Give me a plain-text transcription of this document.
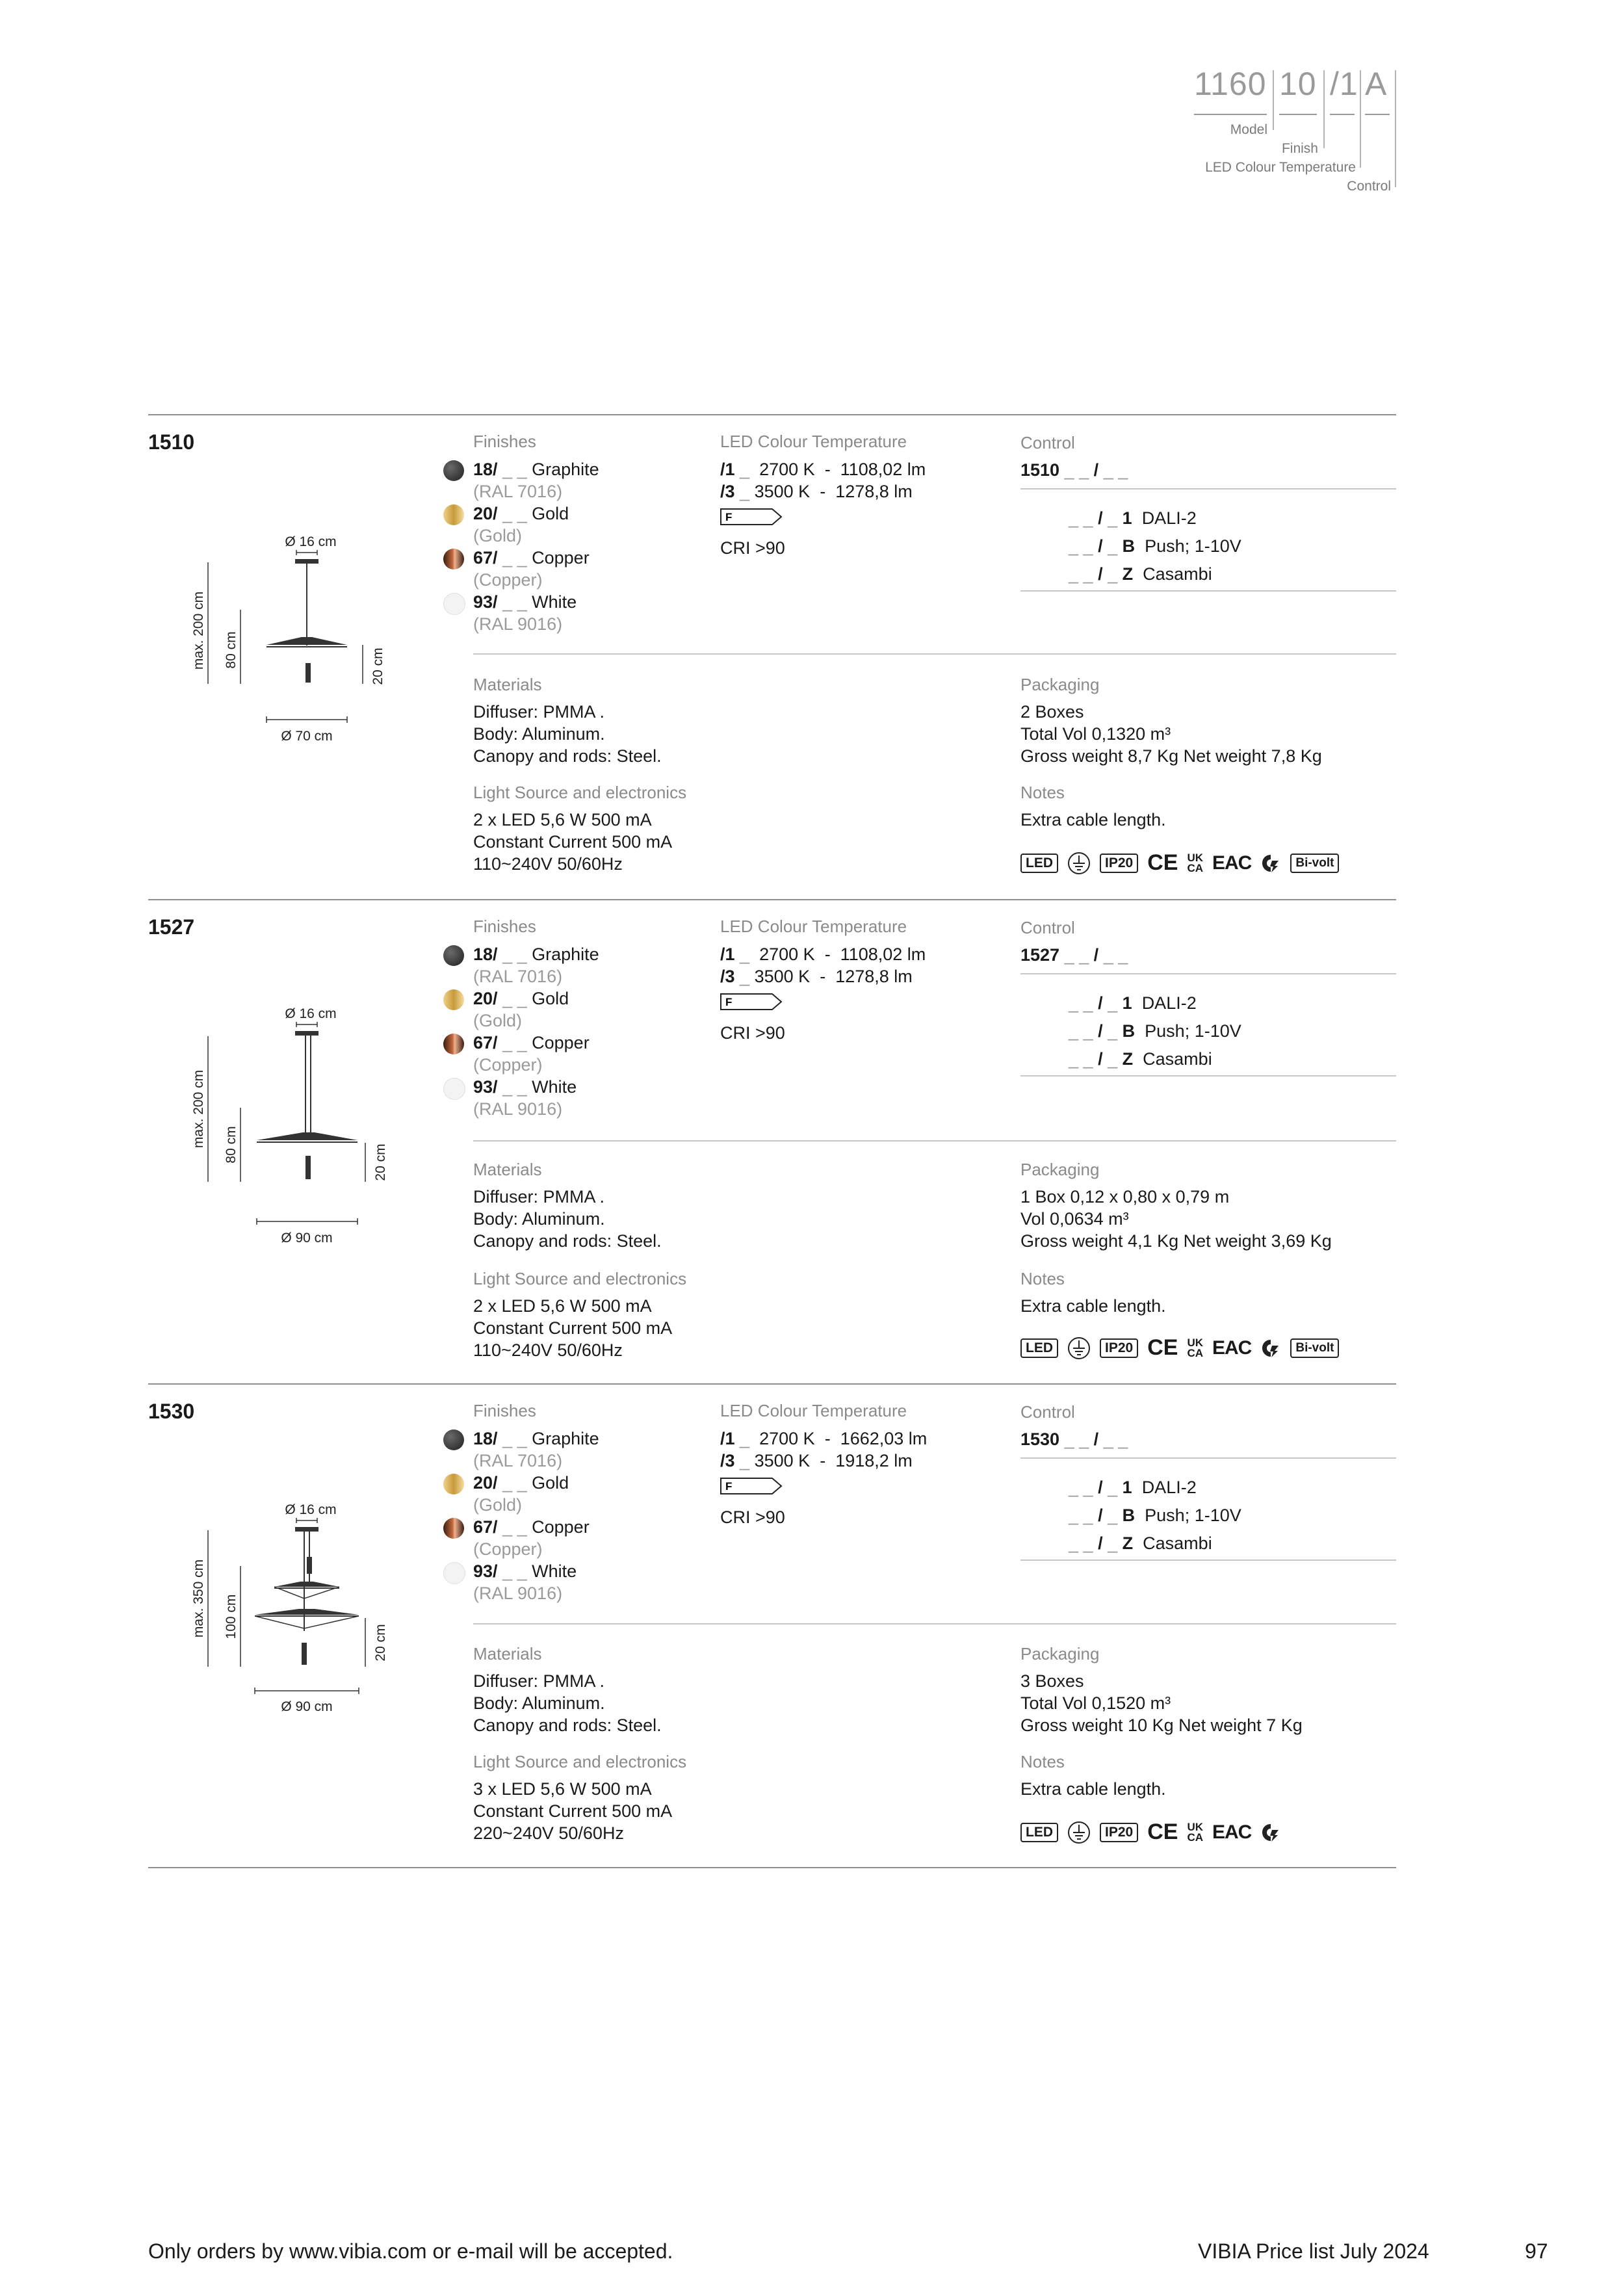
1160 10 /1 A
Model
Finish
LED Colour Temperature
Control
1510
Ø 16 cm
max. 200 cm 80 cm	20 cm
Ø 70 cm
Finishes
18/ _ _ Graphite
(RAL 7016)
20/ _ _ Gold
(Gold)
67/ _ _ Copper
(Copper)
93/ _ _ White
(RAL 9016)
LED Colour Temperature
/1 _ 2700 K - 1108,02 lm
/3 _ 3500 K - 1278,8 lm
F
CRI >90
Control
1510 _ _ / _ _
_ _ / _ 1 DALI-2
_ _ / _ B Push; 1-10V
_ _ / _ Z Casambi
Materials
Diffuser: PMMA .
Body: Aluminum.
Canopy and rods: Steel.
Light Source and electronics
2 x LED 5,6 W 500 mA
Constant Current 500 mA
110~240V 50/60Hz
Packaging
2 Boxes
Total Vol 0,1320 m³
Gross weight 8,7 Kg Net weight 7,8 Kg
Notes
Extra cable length.
LED	IP20 CE UK
CA EAC	Bi-volt
1527
Ø 16 cm
max. 200 cm 80 cm	20 cm
Ø 90 cm
Finishes
18/ _ _ Graphite
(RAL 7016)
20/ _ _ Gold
(Gold)
67/ _ _ Copper
(Copper)
93/ _ _ White
(RAL 9016)
LED Colour Temperature
/1 _ 2700 K - 1108,02 lm
/3 _ 3500 K - 1278,8 lm
F
CRI >90
Control
1527 _ _ / _ _
_ _ / _ 1 DALI-2
_ _ / _ B Push; 1-10V
_ _ / _ Z Casambi
Materials
Diffuser: PMMA .
Body: Aluminum.
Canopy and rods: Steel.
Light Source and electronics
2 x LED 5,6 W 500 mA
Constant Current 500 mA
110~240V 50/60Hz
Packaging
1 Box 0,12 x 0,80 x 0,79 m
Vol 0,0634 m³
Gross weight 4,1 Kg Net weight 3,69 Kg
Notes
Extra cable length.
LED	IP20 CE UK
CA EAC	Bi-volt
1530
Ø 16 cm
max. 350 cm 100 cm
20 cm
Ø 90 cm
Finishes
18/ _ _ Graphite
(RAL 7016)
20/ _ _ Gold
(Gold)
67/ _ _ Copper
(Copper)
93/ _ _ White
(RAL 9016)
LED Colour Temperature
/1 _ 2700 K - 1662,03 lm
/3 _ 3500 K - 1918,2 lm
F
CRI >90
Control
1530 _ _ / _ _
_ _ / _ 1 DALI-2
_ _ / _ B Push; 1-10V
_ _ / _ Z Casambi
Materials
Diffuser: PMMA .
Body: Aluminum.
Canopy and rods: Steel.
Light Source and electronics
3 x LED 5,6 W 500 mA
Constant Current 500 mA
220~240V 50/60Hz
Packaging
3 Boxes
Total Vol 0,1520 m³
Gross weight 10 Kg Net weight 7 Kg
Notes
Extra cable length.
LED	IP20 CE UK
CA EAC
Only orders by www.vibia.com or e-mail will be accepted.	VIBIA Price list July 2024	97
